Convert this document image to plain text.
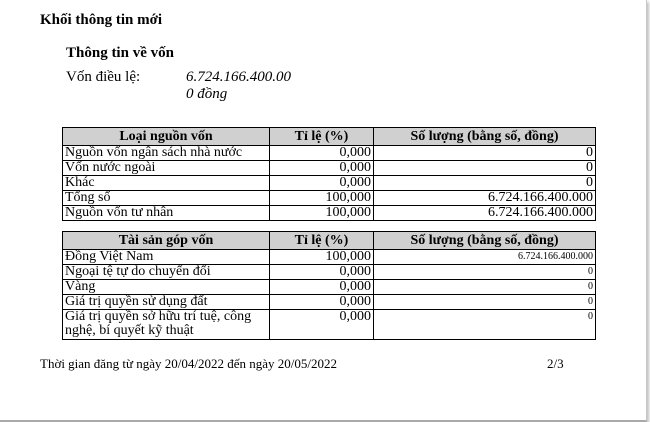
Khối thông tin mới
Thông tin về vốn
Vốn điều lệ:	6.724.166.400.00
0 đồng
Loại nguồn vốn	Tỉ lệ (%)	Số lượng (bằng số, đồng)
Nguồn vốn ngân sách nhà nước	0,000	0
Vốn nước ngoài	0,000	0
Khác	0,000	0
Tổng số	100,000	6.724.166.400.000
Nguồn vốn tư nhân	100,000	6.724.166.400.000
Tài sản góp vốn	Tỉ lệ (%)	Số lượng (bằng số, đồng)
Đồng Việt Nam	100,000	6.724.166.400.000
Ngoại tệ tự do chuyển đổi	0,000	0
Vàng	0,000	0
Giá trị quyền sử dụng đất	0,000	0
Giá trị quyền sở hữu trí tuệ, công nghệ, bí quyết kỹ thuật	0,000	0
Thời gian đăng từ ngày 20/04/2022 đến ngày 20/05/2022	2/3
